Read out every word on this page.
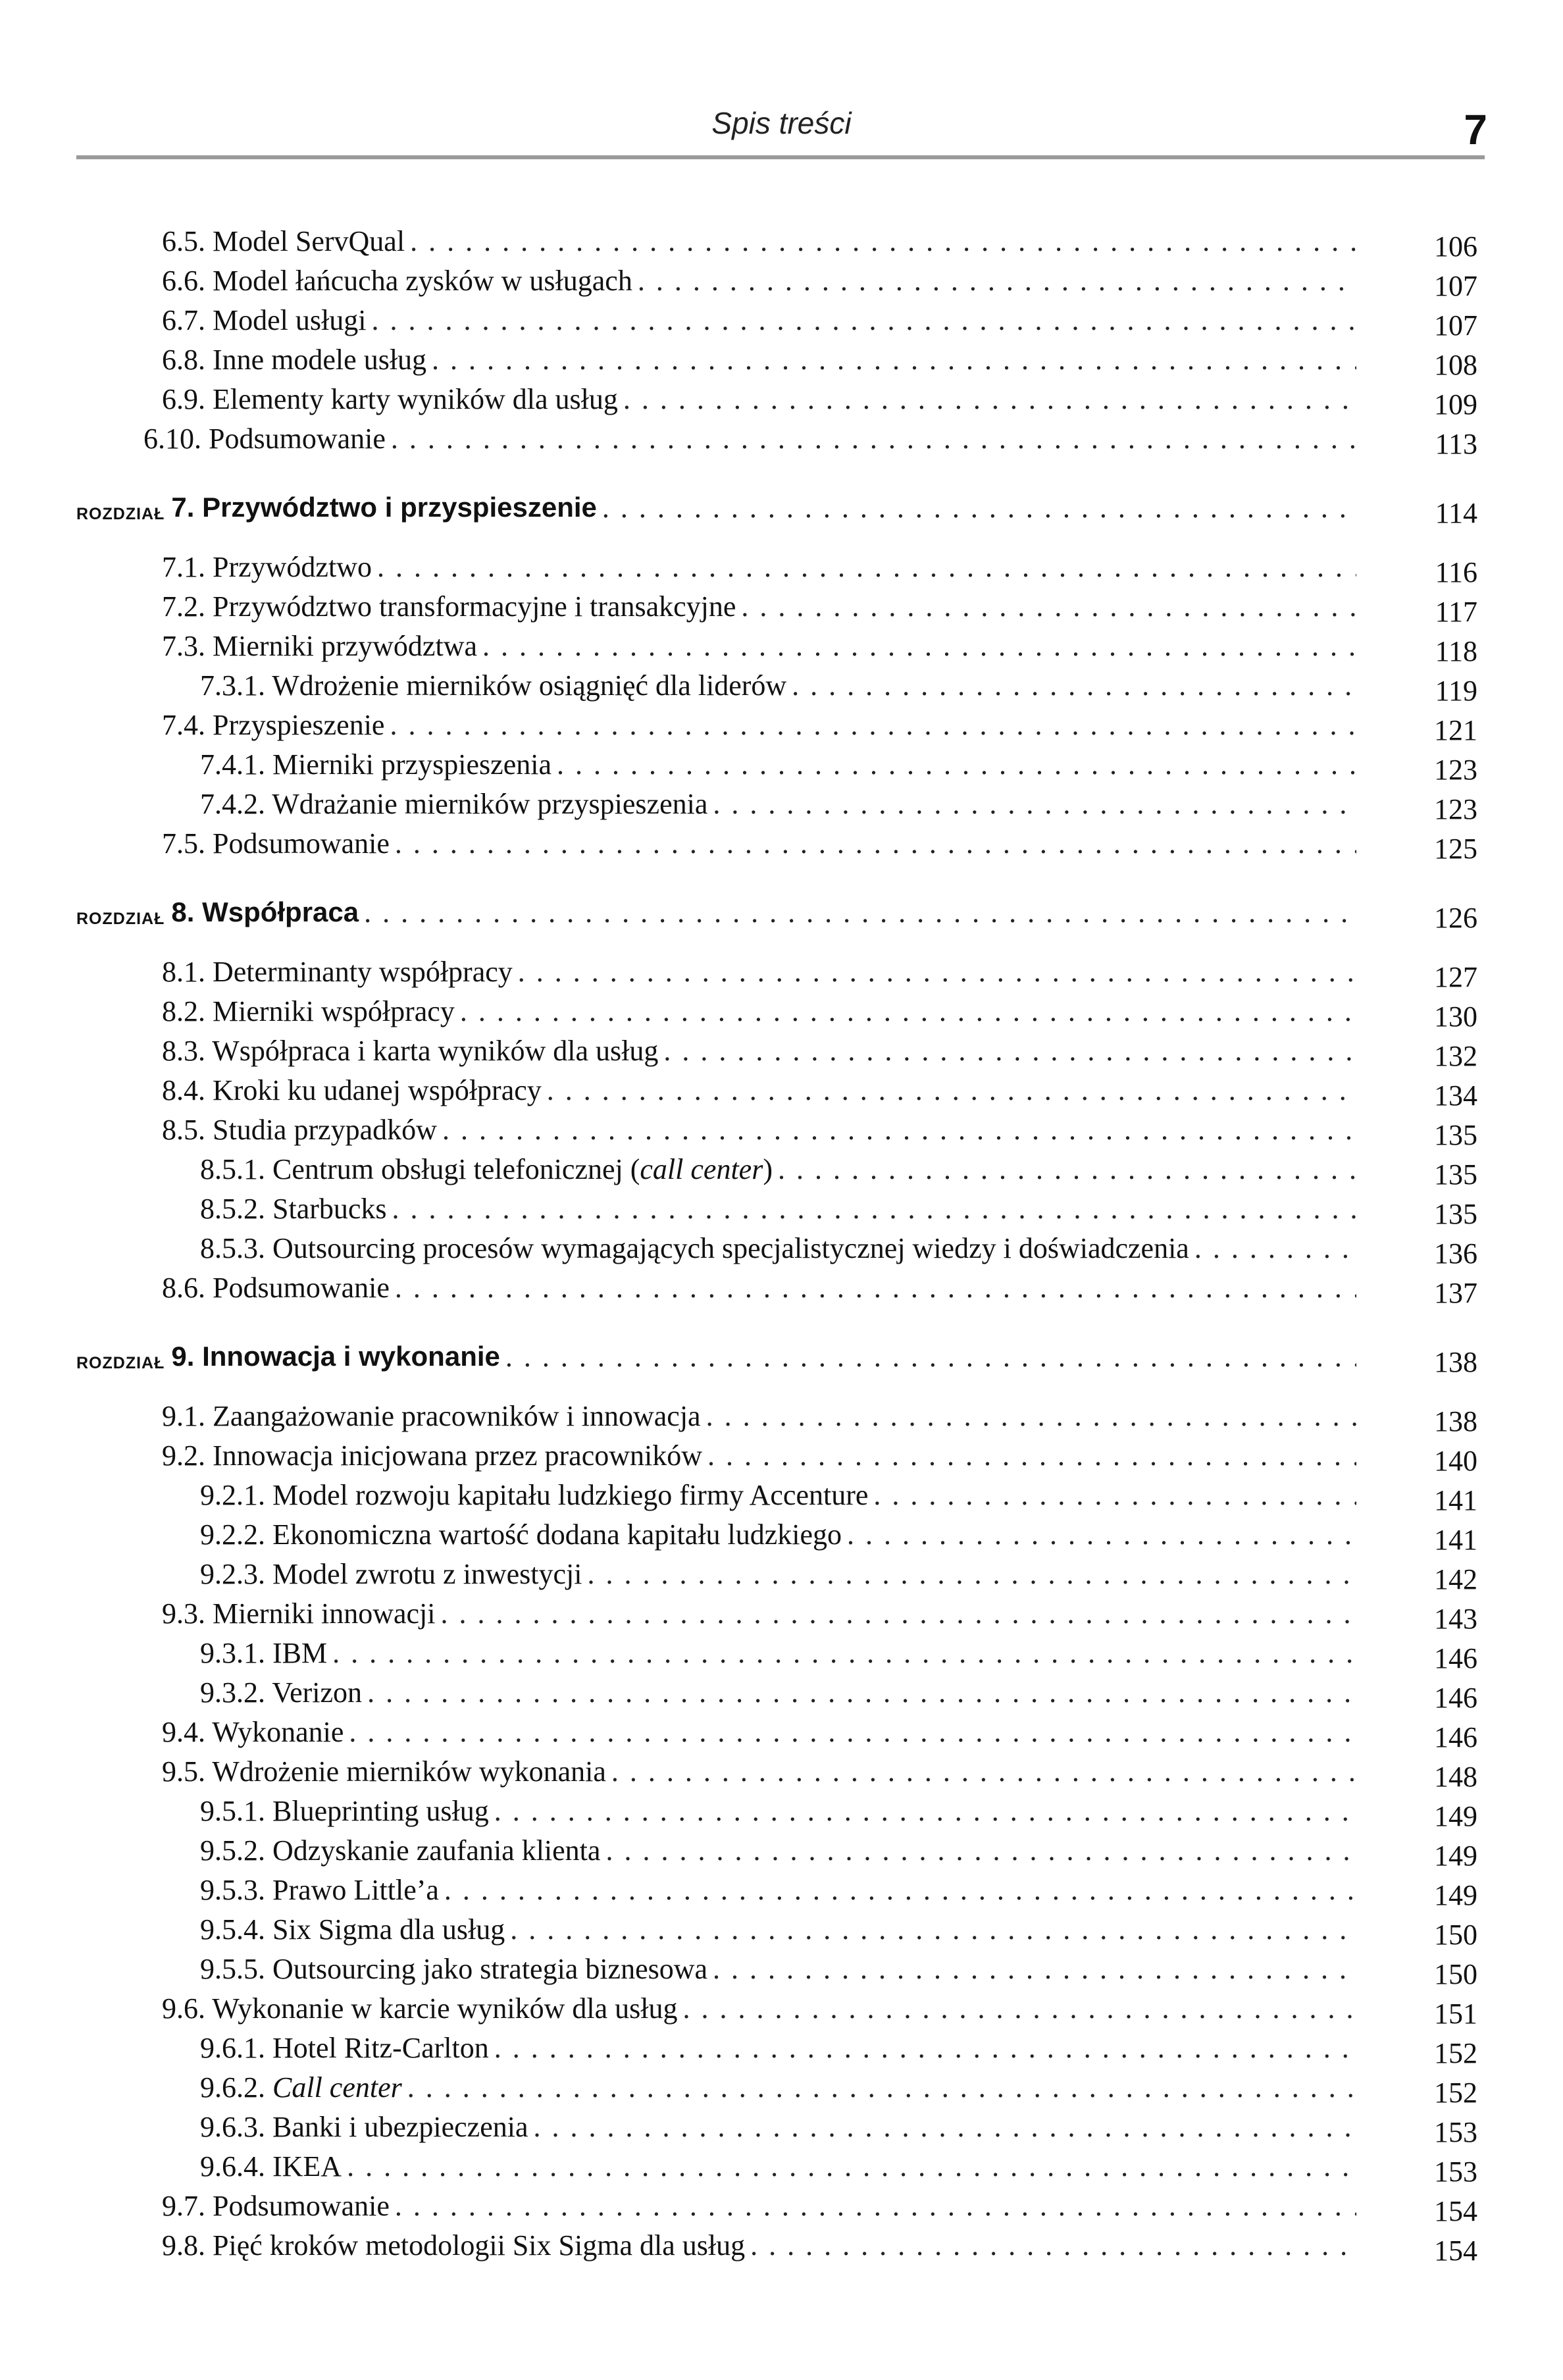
Spis treści	7
6.5. Model ServQual . . .	106
6.6. Model łańcucha zysków w usługach . . .	107
6.7. Model usługi . . .	107
6.8. Inne modele usług . . .	108
6.9. Elementy karty wyników dla usług . . .	109
6.10. Podsumowanie . . .	113
ROZDZIAŁ 7. Przywództwo i przyspieszenie . . .	114
7.1. Przywództwo . . .	116
7.2. Przywództwo transformacyjne i transakcyjne . . .	117
7.3. Mierniki przywództwa . . .	118
7.3.1. Wdrożenie mierników osiągnięć dla liderów . . .	119
7.4. Przyspieszenie . . .	121
7.4.1. Mierniki przyspieszenia . . .	123
7.4.2. Wdrażanie mierników przyspieszenia . . .	123
7.5. Podsumowanie . . .	125
ROZDZIAŁ 8. Współpraca . . .	126
8.1. Determinanty współpracy . . .	127
8.2. Mierniki współpracy . . .	130
8.3. Współpraca i karta wyników dla usług . . .	132
8.4. Kroki ku udanej współpracy . . .	134
8.5. Studia przypadków . . .	135
8.5.1. Centrum obsługi telefonicznej (call center) . . .	135
8.5.2. Starbucks . . .	135
8.5.3. Outsourcing procesów wymagających specjalistycznej wiedzy i doświadczenia . . .	136
8.6. Podsumowanie . . .	137
ROZDZIAŁ 9. Innowacja i wykonanie . . .	138
9.1. Zaangażowanie pracowników i innowacja . . .	138
9.2. Innowacja inicjowana przez pracowników . . .	140
9.2.1. Model rozwoju kapitału ludzkiego firmy Accenture . . .	141
9.2.2. Ekonomiczna wartość dodana kapitału ludzkiego . . .	141
9.2.3. Model zwrotu z inwestycji . . .	142
9.3. Mierniki innowacji . . .	143
9.3.1. IBM . . .	146
9.3.2. Verizon . . .	146
9.4. Wykonanie . . .	146
9.5. Wdrożenie mierników wykonania . . .	148
9.5.1. Blueprinting usług . . .	149
9.5.2. Odzyskanie zaufania klienta . . .	149
9.5.3. Prawo Little’a . . .	149
9.5.4. Six Sigma dla usług . . .	150
9.5.5. Outsourcing jako strategia biznesowa . . .	150
9.6. Wykonanie w karcie wyników dla usług . . .	151
9.6.1. Hotel Ritz-Carlton . . .	152
9.6.2. Call center . . .	152
9.6.3. Banki i ubezpieczenia . . .	153
9.6.4. IKEA . . .	153
9.7. Podsumowanie . . .	154
9.8. Pięć kroków metodologii Six Sigma dla usług . . .	154
